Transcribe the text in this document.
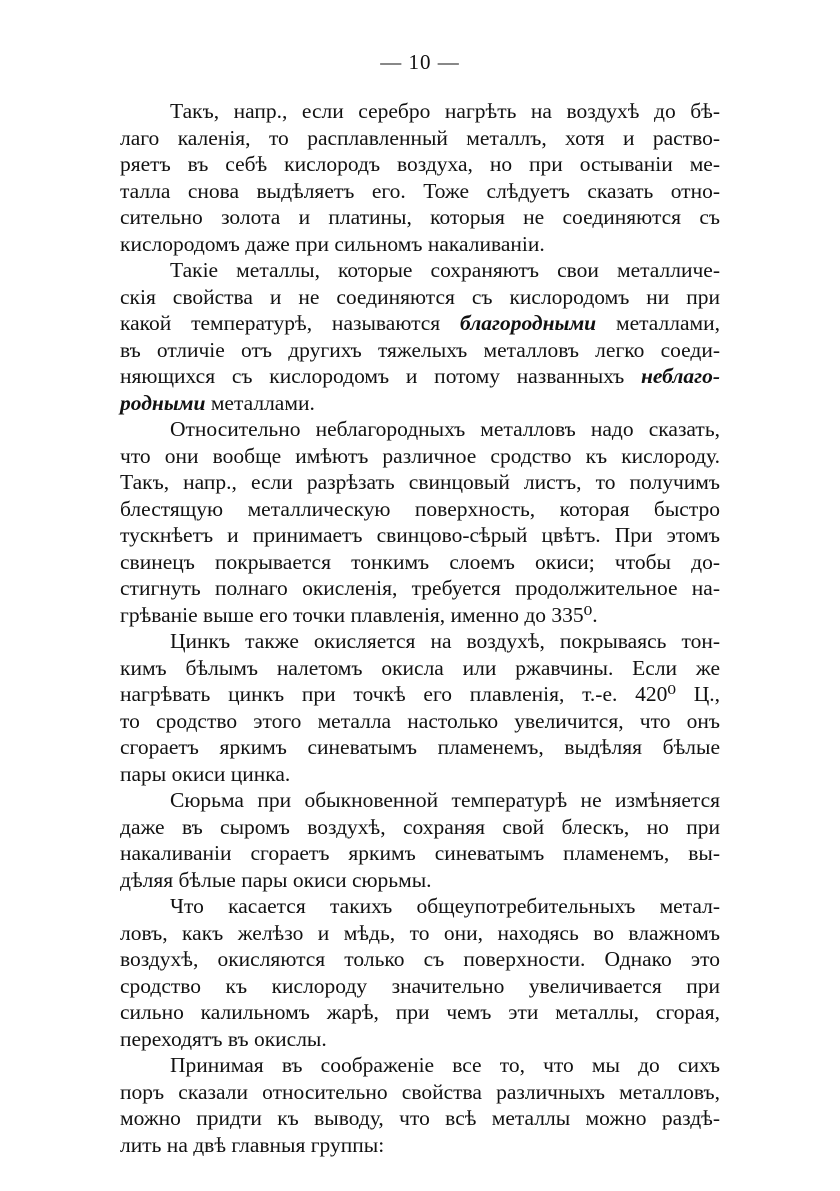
— 10 —
Такъ, напр., если серебро нагрѣть на воздухѣ до бѣ-
лаго каленія, то расплавленный металлъ, хотя и раство-
ряетъ въ себѣ кислородъ воздуха, но при остываніи ме-
талла снова выдѣляетъ его. Тоже слѣдуетъ сказать отно-
сительно золота и платины, которыя не соединяются съ
кислородомъ даже при сильномъ накаливаніи.
Такіе металлы, которые сохраняютъ свои металличе-
скія свойства и не соединяются съ кислородомъ ни при
какой температурѣ, называются благородными металлами,
въ отличіе отъ другихъ тяжелыхъ металловъ легко соеди-
няющихся съ кислородомъ и потому названныхъ неблаго-
родными металлами.
Относительно неблагородныхъ металловъ надо сказать,
что они вообще имѣютъ различное сродство къ кислороду.
Такъ, напр., если разрѣзать свинцовый листъ, то получимъ
блестящую металлическую поверхность, которая быстро
тускнѣетъ и принимаетъ свинцово-сѣрый цвѣтъ. При этомъ
свинецъ покрывается тонкимъ слоемъ окиси; чтобы до-
стигнуть полнаго окисленія, требуется продолжительное на-
грѣваніе выше его точки плавленія, именно до 335⁰.
Цинкъ также окисляется на воздухѣ, покрываясь тон-
кимъ бѣлымъ налетомъ окисла или ржавчины. Если же
нагрѣвать цинкъ при точкѣ его плавленія, т.-е. 420⁰ Ц.,
то сродство этого металла настолько увеличится, что онъ
сгораетъ яркимъ синеватымъ пламенемъ, выдѣляя бѣлые
пары окиси цинка.
Сюрьма при обыкновенной температурѣ не измѣняется
даже въ сыромъ воздухѣ, сохраняя свой блескъ, но при
накаливаніи сгораетъ яркимъ синеватымъ пламенемъ, вы-
дѣляя бѣлые пары окиси сюрьмы.
Что касается такихъ общеупотребительныхъ метал-
ловъ, какъ желѣзо и мѣдь, то они, находясь во влажномъ
воздухѣ, окисляются только съ поверхности. Однако это
сродство къ кислороду значительно увеличивается при
сильно калильномъ жарѣ, при чемъ эти металлы, сгорая,
переходятъ въ окислы.
Принимая въ соображеніе все то, что мы до сихъ
поръ сказали относительно свойства различныхъ металловъ,
можно придти къ выводу, что всѣ металлы можно раздѣ-
лить на двѣ главныя группы:
